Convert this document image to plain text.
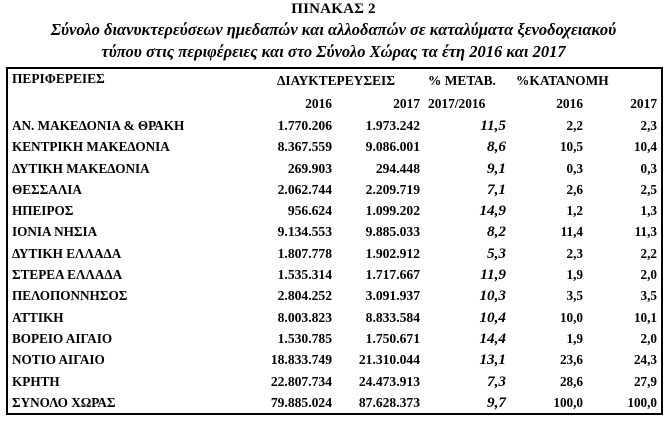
ΠΙΝΑΚΑΣ 2
Σύνολο διανυκτερεύσεων ημεδαπών και αλλοδαπών σε καταλύματα ξενοδοχειακού
τύπου στις περιφέρειες και στο Σύνολο Χώρας τα έτη 2016 και 2017
ΠΕΡΙΦΕΡΕΙΕΣ	ΔΙΑΥΚΤΕΡΕΥΣΕΙΣ		% ΜΕΤΑΒ.	%ΚΑΤΑΝΟΜΗ	
	2016	2017	2017/2016	2016	2017
ΑΝ. ΜΑΚΕΔΟΝΙΑ & ΘΡΑΚΗ	1.770.206	1.973.242	11,5	2,2	2,3
ΚΕΝΤΡΙΚΗ ΜΑΚΕΔΟΝΙΑ	8.367.559	9.086.001	8,6	10,5	10,4
ΔΥΤΙΚΗ ΜΑΚΕΔΟΝΙΑ	269.903	294.448	9,1	0,3	0,3
ΘΕΣΣΑΛΙΑ	2.062.744	2.209.719	7,1	2,6	2,5
ΗΠΕΙΡΟΣ	956.624	1.099.202	14,9	1,2	1,3
ΙΟΝΙΑ ΝΗΣΙΑ	9.134.553	9.885.033	8,2	11,4	11,3
ΔΥΤΙΚΗ ΕΛΛΑΔΑ	1.807.778	1.902.912	5,3	2,3	2,2
ΣΤΕΡΕΑ ΕΛΛΑΔΑ	1.535.314	1.717.667	11,9	1,9	2,0
ΠΕΛΟΠΟΝΝΗΣΟΣ	2.804.252	3.091.937	10,3	3,5	3,5
ΑΤΤΙΚΗ	8.003.823	8.833.584	10,4	10,0	10,1
ΒΟΡΕΙΟ ΑΙΓΑΙΟ	1.530.785	1.750.671	14,4	1,9	2,0
ΝΟΤΙΟ ΑΙΓΑΙΟ	18.833.749	21.310.044	13,1	23,6	24,3
ΚΡΗΤΗ	22.807.734	24.473.913	7,3	28,6	27,9
ΣΥΝΟΛΟ ΧΩΡΑΣ	79.885.024	87.628.373	9,7	100,0	100,0
